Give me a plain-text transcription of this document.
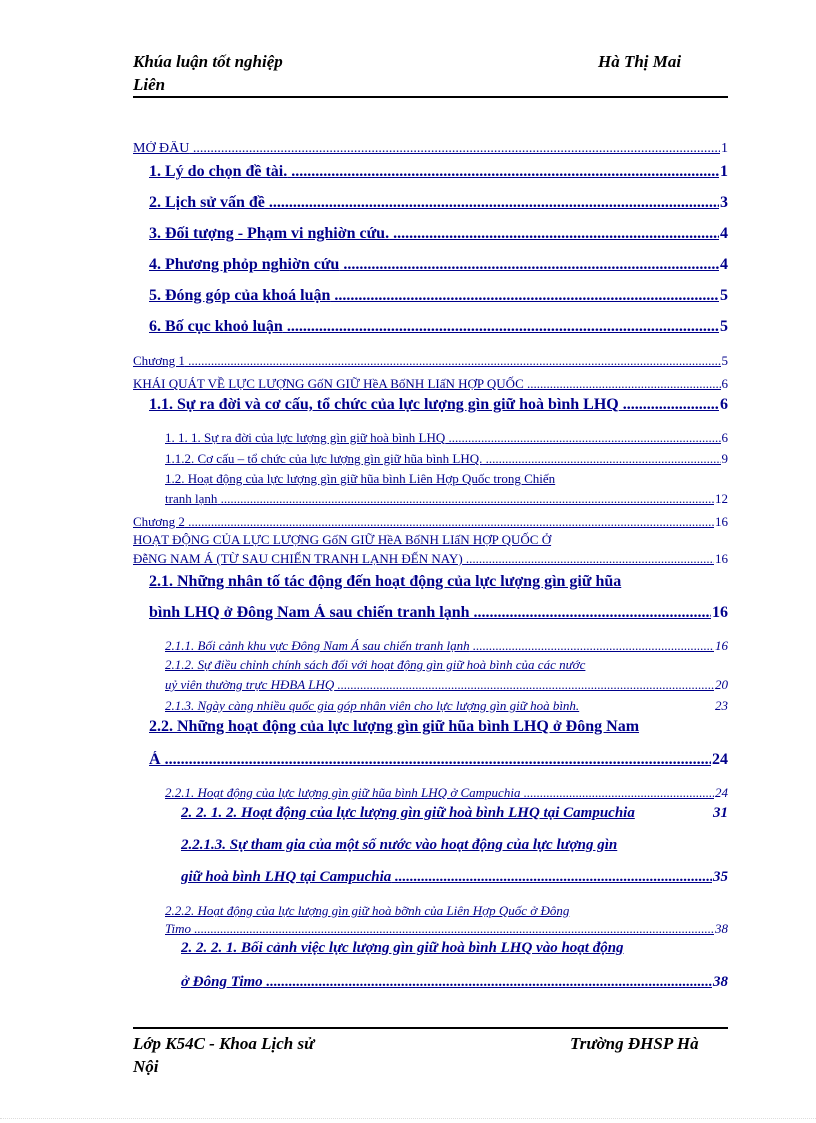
Khúa luận tốt nghiệp
Liên
Hà Thị Mai
MỞ ĐẦU .....	1
1. Lý do chọn đề tài. .....	1
2. Lịch sử vấn đề .....	3
3. Đối tượng - Phạm vi nghiờn cứu. .....	4
4. Phương phỏp nghiờn cứu .....	4
5. Đóng góp của khoá luận .....	5
6. Bố cục khoỏ luận .....	5
Chương 1 .....	5
KHÁI QUÁT VỀ LỰC LƯỢNG GốN GIỮ HềA BốNH LIấN HỢP QUỐC .....	6
1.1. Sự ra đời và cơ cấu, tổ chức của lực lượng gìn giữ hoà bình LHQ .....	6
1. 1. 1. Sự ra đời của lực lượng gìn giữ hoà bình LHQ .....	6
1.1.2. Cơ cấu – tổ chức của lực lượng gìn giữ hũa bình LHQ. .....	9
1.2. Hoạt động của lực lượng gìn giữ hũa bình Liên Hợp Quốc trong Chiến
tranh lạnh .....	12
Chương 2 .....	16
HOẠT ĐỘNG CỦA LỰC LƯỢNG GốN GIỮ HềA BốNH LIấN HỢP QUỐC Ở
ĐễNG NAM Á (TỪ SAU CHIẾN TRANH LẠNH ĐẾN NAY) .....	16
2.1. Những nhân tố tác động đến hoạt động của lực lượng gìn giữ hũa
bình LHQ ở Đông Nam Á sau chiến tranh lạnh .....	16
2.1.1. Bối cảnh khu vực Đông Nam Á sau chiến tranh lạnh .....	16
2.1.2. Sự điều chỉnh chính sách đối với hoạt động gìn giữ hoà bình của các nước
uỷ viên thường trực HĐBA LHQ .....	20
2.1.3. Ngày càng nhiều quốc gia góp nhân viên cho lực lượng gìn giữ hoà bình.	23
2.2. Những hoạt động của lực lượng gìn giữ hũa bình LHQ ở Đông Nam
Á .....	24
2.2.1. Hoạt động của lực lượng gìn giữ hũa bình LHQ ở Campuchia .....	24
2. 2. 1. 2. Hoạt động của lực lượng gìn giữ hoà bình LHQ tại Campuchia	31
2.2.1.3. Sự tham gia của một số nước vào hoạt động của lực lượng gìn
giữ hoà bình LHQ tại Campuchia .....	35
2.2.2. Hoạt động của lực lượng gìn giữ hoà bỡnh của Liên Hợp Quốc ở Đông
Timo .....	38
2. 2. 2. 1. Bối cảnh việc lực lượng gìn giữ hoà bình LHQ vào hoạt động
ở Đông Timo .....	38
Lớp K54C - Khoa Lịch sử
Nội
Trường ĐHSP Hà
